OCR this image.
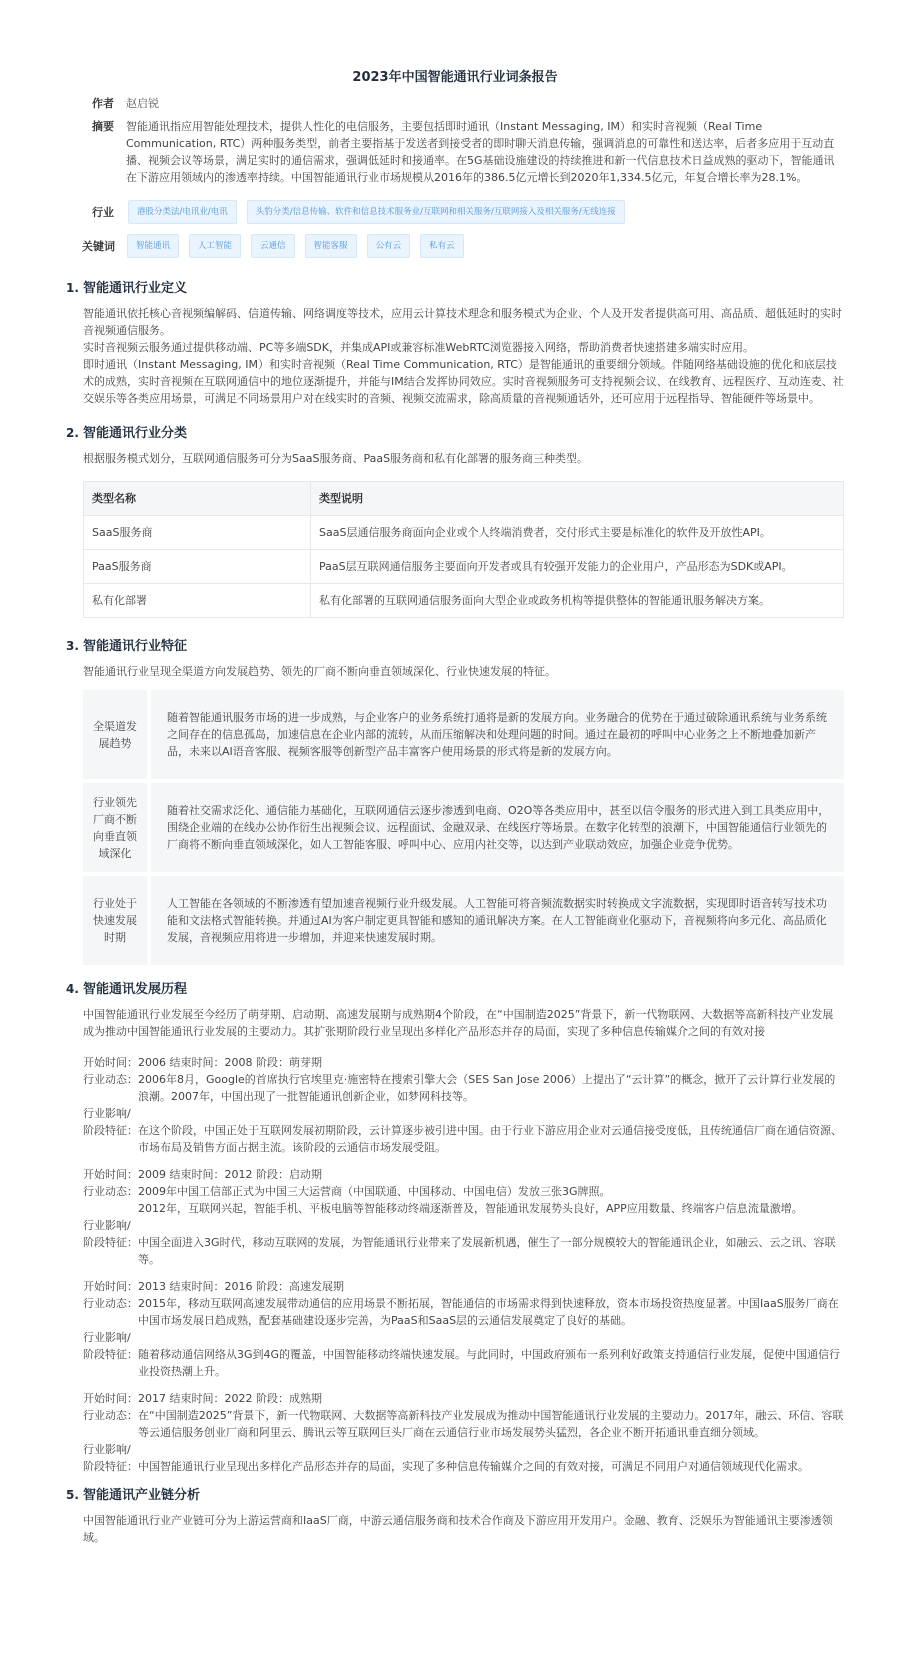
2023年中国智能通讯行业词条报告
作者	赵启锐
摘要	智能通讯指应用智能处理技术，提供人性化的电信服务，主要包括即时通讯（Instant Messaging, IM）和实时音视频（Real Time Communication, RTC）两种服务类型，前者主要指基于发送者到接受者的即时聊天消息传输，强调消息的可靠性和送达率，后者多应用于互动直播、视频会议等场景，满足实时的通信需求，强调低延时和接通率。在5G基础设施建设的持续推进和新一代信息技术日益成熟的驱动下，智能通讯在下游应用领域内的渗透率持续。中国智能通讯行业市场规模从2016年的386.5亿元增长到2020年1,334.5亿元，年复合增长率为28.1%。
行业	港股分类法/电讯业/电讯	头豹分类/信息传输、软件和信息技术服务业/互联网和相关服务/互联网接入及相关服务/无线连接
关键词	智能通讯	人工智能	云通信	智能客服	公有云	私有云
1. 智能通讯行业定义

智能通讯依托核心音视频编解码、信道传输、网络调度等技术，应用云计算技术理念和服务模式为企业、个人及开发者提供高可用、高品质、超低延时的实时音视频通信服务。

实时音视频云服务通过提供移动端、PC等多端SDK，并集成API或兼容标准WebRTC浏览器接入网络，帮助消费者快速搭建多端实时应用。

即时通讯（Instant Messaging, IM）和实时音视频（Real Time Communication, RTC）是智能通讯的重要细分领域。伴随网络基础设施的优化和底层技术的成熟，实时音视频在互联网通信中的地位逐渐提升，并能与IM结合发挥协同效应。实时音视频服务可支持视频会议、在线教育、远程医疗、互动连麦、社交娱乐等各类应用场景，可满足不同场景用户对在线实时的音频、视频交流需求，除高质量的音视频通话外，还可应用于远程指导、智能硬件等场景中。

2. 智能通讯行业分类

根据服务模式划分，互联网通信服务可分为SaaS服务商、PaaS服务商和私有化部署的服务商三种类型。

类型名称	类型说明
SaaS服务商	SaaS层通信服务商面向企业或个人终端消费者，交付形式主要是标准化的软件及开放性API。
PaaS服务商	PaaS层互联网通信服务主要面向开发者或具有较强开发能力的企业用户，产品形态为SDK或API。
私有化部署	私有化部署的互联网通信服务面向大型企业或政务机构等提供整体的智能通讯服务解决方案。
3. 智能通讯行业特征

智能通讯行业呈现全渠道方向发展趋势、领先的厂商不断向垂直领域深化、行业快速发展的特征。

全渠道发展趋势
随着智能通讯服务市场的进一步成熟，与企业客户的业务系统打通将是新的发展方向。业务融合的优势在于通过破除通讯系统与业务系统之间存在的信息孤岛，加速信息在企业内部的流转，从而压缩解决和处理问题的时间。通过在最初的呼叫中心业务之上不断地叠加新产品，未来以AI语音客服、视频客服等创新型产品丰富客户使用场景的形式将是新的发展方向。
行业领先厂商不断向垂直领域深化
随着社交需求泛化、通信能力基础化，互联网通信云逐步渗透到电商、O2O等各类应用中，甚至以信令服务的形式进入到工具类应用中，围绕企业端的在线办公协作衍生出视频会议、远程面试、金融双录、在线医疗等场景。在数字化转型的浪潮下，中国智能通信行业领先的厂商将不断向垂直领域深化，如人工智能客服、呼叫中心、应用内社交等，以达到产业联动效应，加强企业竞争优势。
行业处于快速发展时期
人工智能在各领域的不断渗透有望加速音视频行业升级发展。人工智能可将音频流数据实时转换成文字流数据，实现即时语音转写技术功能和文法格式智能转换。并通过AI为客户制定更具智能和感知的通讯解决方案。在人工智能商业化驱动下，音视频将向多元化、高品质化发展，音视频应用将进一步增加，并迎来快速发展时期。
4. 智能通讯发展历程

中国智能通讯行业发展至今经历了萌芽期、启动期、高速发展期与成熟期4个阶段，在“中国制造2025”背景下，新一代物联网、大数据等高新科技产业发展成为推动中国智能通讯行业发展的主要动力。其扩张期阶段行业呈现出多样化产品形态并存的局面，实现了多种信息传输媒介之间的有效对接

开始时间：2006 结束时间：2008 阶段：萌芽期
行业动态： 2006年8月，Google的首席执行官埃里克·施密特在搜索引擎大会（SES San Jose 2006）上提出了“云计算”的概念，掀开了云计算行业发展的浪潮。2007年，中国出现了一批智能通讯创新企业，如梦网科技等。
行业影响/阶段特征： 在这个阶段，中国正处于互联网发展初期阶段，云计算逐步被引进中国。由于行业下游应用企业对云通信接受度低，且传统通信厂商在通信资源、市场布局及销售方面占据主流。该阶段的云通信市场发展受阻。
开始时间：2009 结束时间：2012 阶段：启动期
行业动态： 2009年中国工信部正式为中国三大运营商（中国联通、中国移动、中国电信）发放三张3G牌照。
2012年，互联网兴起，智能手机、平板电脑等智能移动终端逐渐普及，智能通讯发展势头良好，APP应用数量、终端客户信息流量激增。
行业影响/阶段特征： 中国全面进入3G时代，移动互联网的发展，为智能通讯行业带来了发展新机遇，催生了一部分规模较大的智能通讯企业，如融云、云之讯、容联等。
开始时间：2013 结束时间：2016 阶段：高速发展期
行业动态： 2015年，移动互联网高速发展带动通信的应用场景不断拓展，智能通信的市场需求得到快速释放，资本市场投资热度显著。中国IaaS服务厂商在中国市场发展日趋成熟，配套基础建设逐步完善，为PaaS和SaaS层的云通信发展奠定了良好的基础。
行业影响/阶段特征： 随着移动通信网络从3G到4G的覆盖，中国智能移动终端快速发展。与此同时，中国政府颁布一系列利好政策支持通信行业发展，促使中国通信行业投资热潮上升。
开始时间：2017 结束时间：2022 阶段：成熟期
行业动态： 在“中国制造2025”背景下，新一代物联网、大数据等高新科技产业发展成为推动中国智能通讯行业发展的主要动力。2017年，融云、环信、容联等云通信服务创业厂商和阿里云、腾讯云等互联网巨头厂商在云通信行业市场发展势头猛烈，各企业不断开拓通讯垂直细分领域。
行业影响/阶段特征： 中国智能通讯行业呈现出多样化产品形态并存的局面，实现了多种信息传输媒介之间的有效对接，可满足不同用户对通信领域现代化需求。
5. 智能通讯产业链分析

中国智能通讯行业产业链可分为上游运营商和IaaS厂商，中游云通信服务商和技术合作商及下游应用开发用户。金融、教育、泛娱乐为智能通讯主要渗透领域。
